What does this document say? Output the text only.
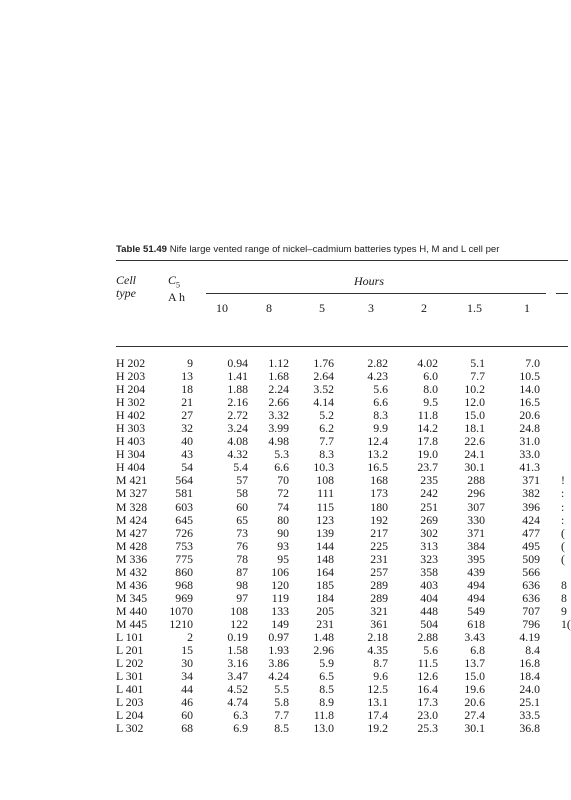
Table 51.49 Nife large vented range of nickel–cadmium batteries types H, M and L cell per
Cell
type
$C_5$
A h
Hours
10	8	5	3	2	1.5	1
H 202	9	0.94 1.12 1.76	2.82 4.02	5.1	7.0
H 203	13	1.41 1.68 2.64	4.23	6.0	7.7	10.5
H 204	18	1.88 2.24 3.52	5.6	8.0 10.2	14.0
H 302	21	2.16 2.66 4.14	6.6	9.5 12.0	16.5
H 402	27	2.72 3.32	5.2	8.3	11.8 15.0	20.6
H 303	32	3.24 3.99	6.2	9.9 14.2 18.1	24.8
H 403	40	4.08 4.98	7.7	12.4 17.8 22.6	31.0
H 304	43	4.32 5.3	8.3	13.2 19.0 24.1	33.0
H 404	54	5.4 6.6 10.3	16.5 23.7 30.1	41.3
M 421 564	57 70 108	168	235 288	371 !
M 327 581	58 72 111	173	242 296	382 :
M 328 603	60 74 115	180	251 307	396 :
M 424 645	65 80 123	192	269 330	424 :
M 427 726	73 90 139	217	302 371	477 (
M 428 753	76 93 144	225	313 384	495 (
M 336 775	78 95 148	231	323 395	509 (
M 432 860	87 106 164	257	358 439	566
M 436 968	98 120 185	289	403 494	636 8
M 345 969	97 119 184	289	404 494	636 8
M 440 1070	108 133 205	321	448 549	707 9
M 445 1210	122 149 231	361	504 618	796 1(
L 101	2	0.19 0.97 1.48	2.18 2.88 3.43	4.19
L 201	15	1.58 1.93 2.96	4.35	5.6	6.8	8.4
L 202	30	3.16 3.86	5.9	8.7	11.5 13.7	16.8
L 301	34	3.47 4.24	6.5	9.6 12.6 15.0	18.4
L 401	44	4.52 5.5	8.5	12.5 16.4 19.6	24.0
L 203	46	4.74 5.8	8.9	13.1 17.3 20.6	25.1
L 204	60	6.3 7.7 11.8	17.4 23.0 27.4	33.5
L 302	68	6.9 8.5 13.0	19.2 25.3 30.1	36.8
